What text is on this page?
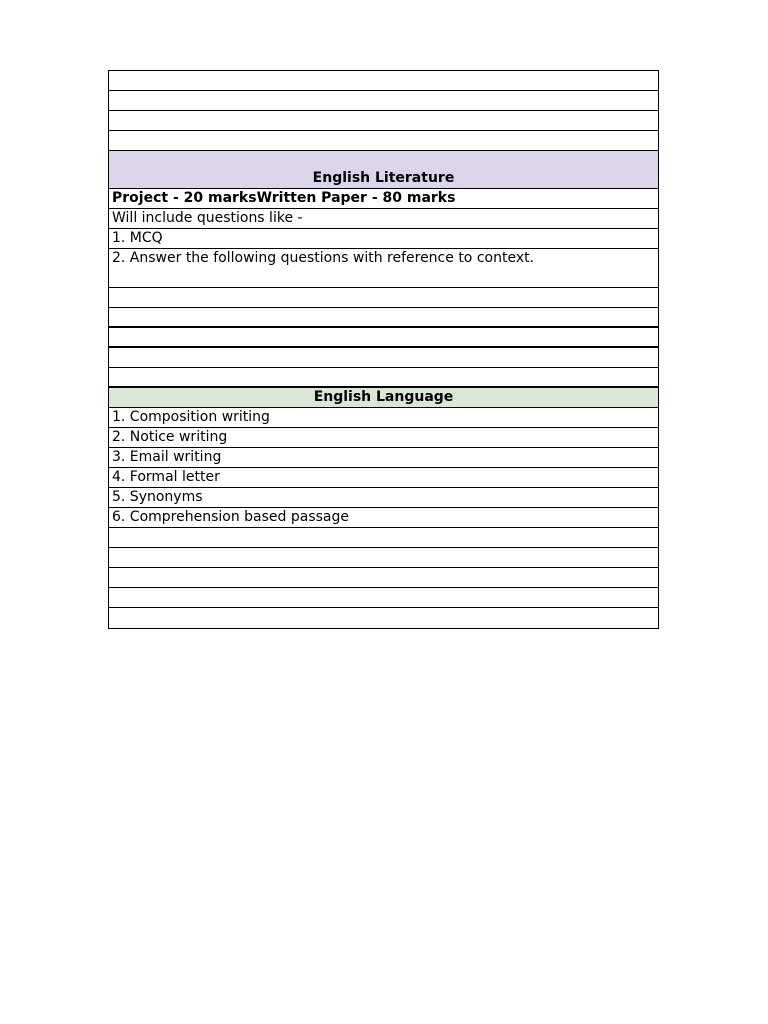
English Literature
Project - 20 marksWritten Paper - 80 marks
Will include questions like -
1. MCQ
2. Answer the following questions with reference to context.
English Language
1. Composition writing
2. Notice writing
3. Email writing
4. Formal letter
5. Synonyms
6. Comprehension based passage
